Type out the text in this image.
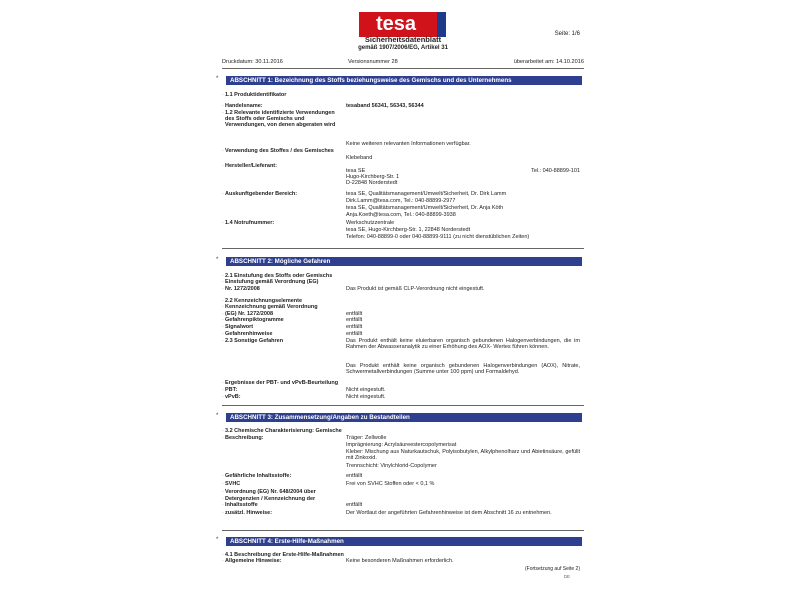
tesa	Seite: 1/6
Sicherheitsdatenblatt
gemäß 1907/2006/EG, Artikel 31
Druckdatum: 30.11.2016	Versionsnummer 28	überarbeitet am: 14.10.2016
*	ABSCHNITT 1: Bezeichnung des Stoffs beziehungsweise des Gemischs und des Unternehmens
· 1.1 Produktidentifikator
· Handelsname:	tesaband 56341, 56343, 56344
· 1.2 Relevante identifizierte Verwendungen des Stoffs oder Gemischs und Verwendungen, von denen abgeraten wird
Keine weiteren relevanten Informationen verfügbar.
· Verwendung des Stoffes / des Gemisches
Klebeband
· Hersteller/Lieferant:
tesa SE	Tel.: 040-88899-101
Hugo-Kirchberg-Str. 1
D-22848 Norderstedt
· Auskunftgebender Bereich:	tesa SE, Qualitätsmanagement/Umwelt/Sicherheit, Dr. Dirk Lamm
Dirk.Lamm@tesa.com, Tel.: 040-88899-2977
tesa SE, Qualitätsmanagement/Umwelt/Sicherheit, Dr. Anja Köth
Anja.Koeth@tesa.com, Tel.: 040-88899-3938
· 1.4 Notrufnummer:	Werkschutzzentrale
tesa SE, Hugo-Kirchberg-Str. 1, 22848 Norderstedt
Telefon: 040-88899-0 oder 040-88899-9111 (zu nicht dienstüblichen Zeiten)
*	ABSCHNITT 2: Mögliche Gefahren
· 2.1 Einstufung des Stoffs oder Gemischs
· Einstufung gemäß Verordnung (EG)
· Nr. 1272/2008	Das Produkt ist gemäß CLP-Verordnung nicht eingestuft.
· 2.2 Kennzeichnungselemente
· Kennzeichnung gemäß Verordnung
· (EG) Nr. 1272/2008	entfällt
· Gefahrenpiktogramme	entfällt
· Signalwort	entfällt
· Gefahrenhinweise	entfällt
· 2.3 Sonstige Gefahren	Das Produkt enthält keine eluierbaren organisch gebundenen Halogenverbindungen, die im Rahmen der Abwasseranalytik zu einer Erhöhung des AOX- Wertes führen können.
Das Produkt enthält keine organisch gebundenen Halogenverbindungen (AOX), Nitrate, Schwermetallverbindungen (Summe unter 100 ppm) und Formaldehyd.
· Ergebnisse der PBT- und vPvB-Beurteilung
· PBT:	Nicht eingestuft.
· vPvB:	Nicht eingestuft.
*	ABSCHNITT 3: Zusammensetzung/Angaben zu Bestandteilen
· 3.2 Chemische Charakterisierung: Gemische
· Beschreibung:	Träger: Zellwolle
Imprägnierung: Acrylsäureestercopolymerisat
Kleber: Mischung aus Naturkautschuk, Polyisobutylen, Alkylphenolharz und Abietinsäure, gefüllt mit Zinkoxid.
Trennschicht: Vinylchlorid-Copolymer
· Gefährliche Inhaltsstoffe:	entfällt
· SVHC	Frei von SVHC Stoffen oder < 0,1 %
· Verordnung (EG) Nr. 648/2004 über
· Detergenzien / Kennzeichnung der
· Inhaltsstoffe	entfällt
· zusätzl. Hinweise:	Der Wortlaut der angeführten Gefahrenhinweise ist dem Abschnitt 16 zu entnehmen.
*	ABSCHNITT 4: Erste-Hilfe-Maßnahmen
· 4.1 Beschreibung der Erste-Hilfe-Maßnahmen
· Allgemeine Hinweise:	Keine besonderen Maßnahmen erforderlich.
(Fortsetzung auf Seite 2)
DE
